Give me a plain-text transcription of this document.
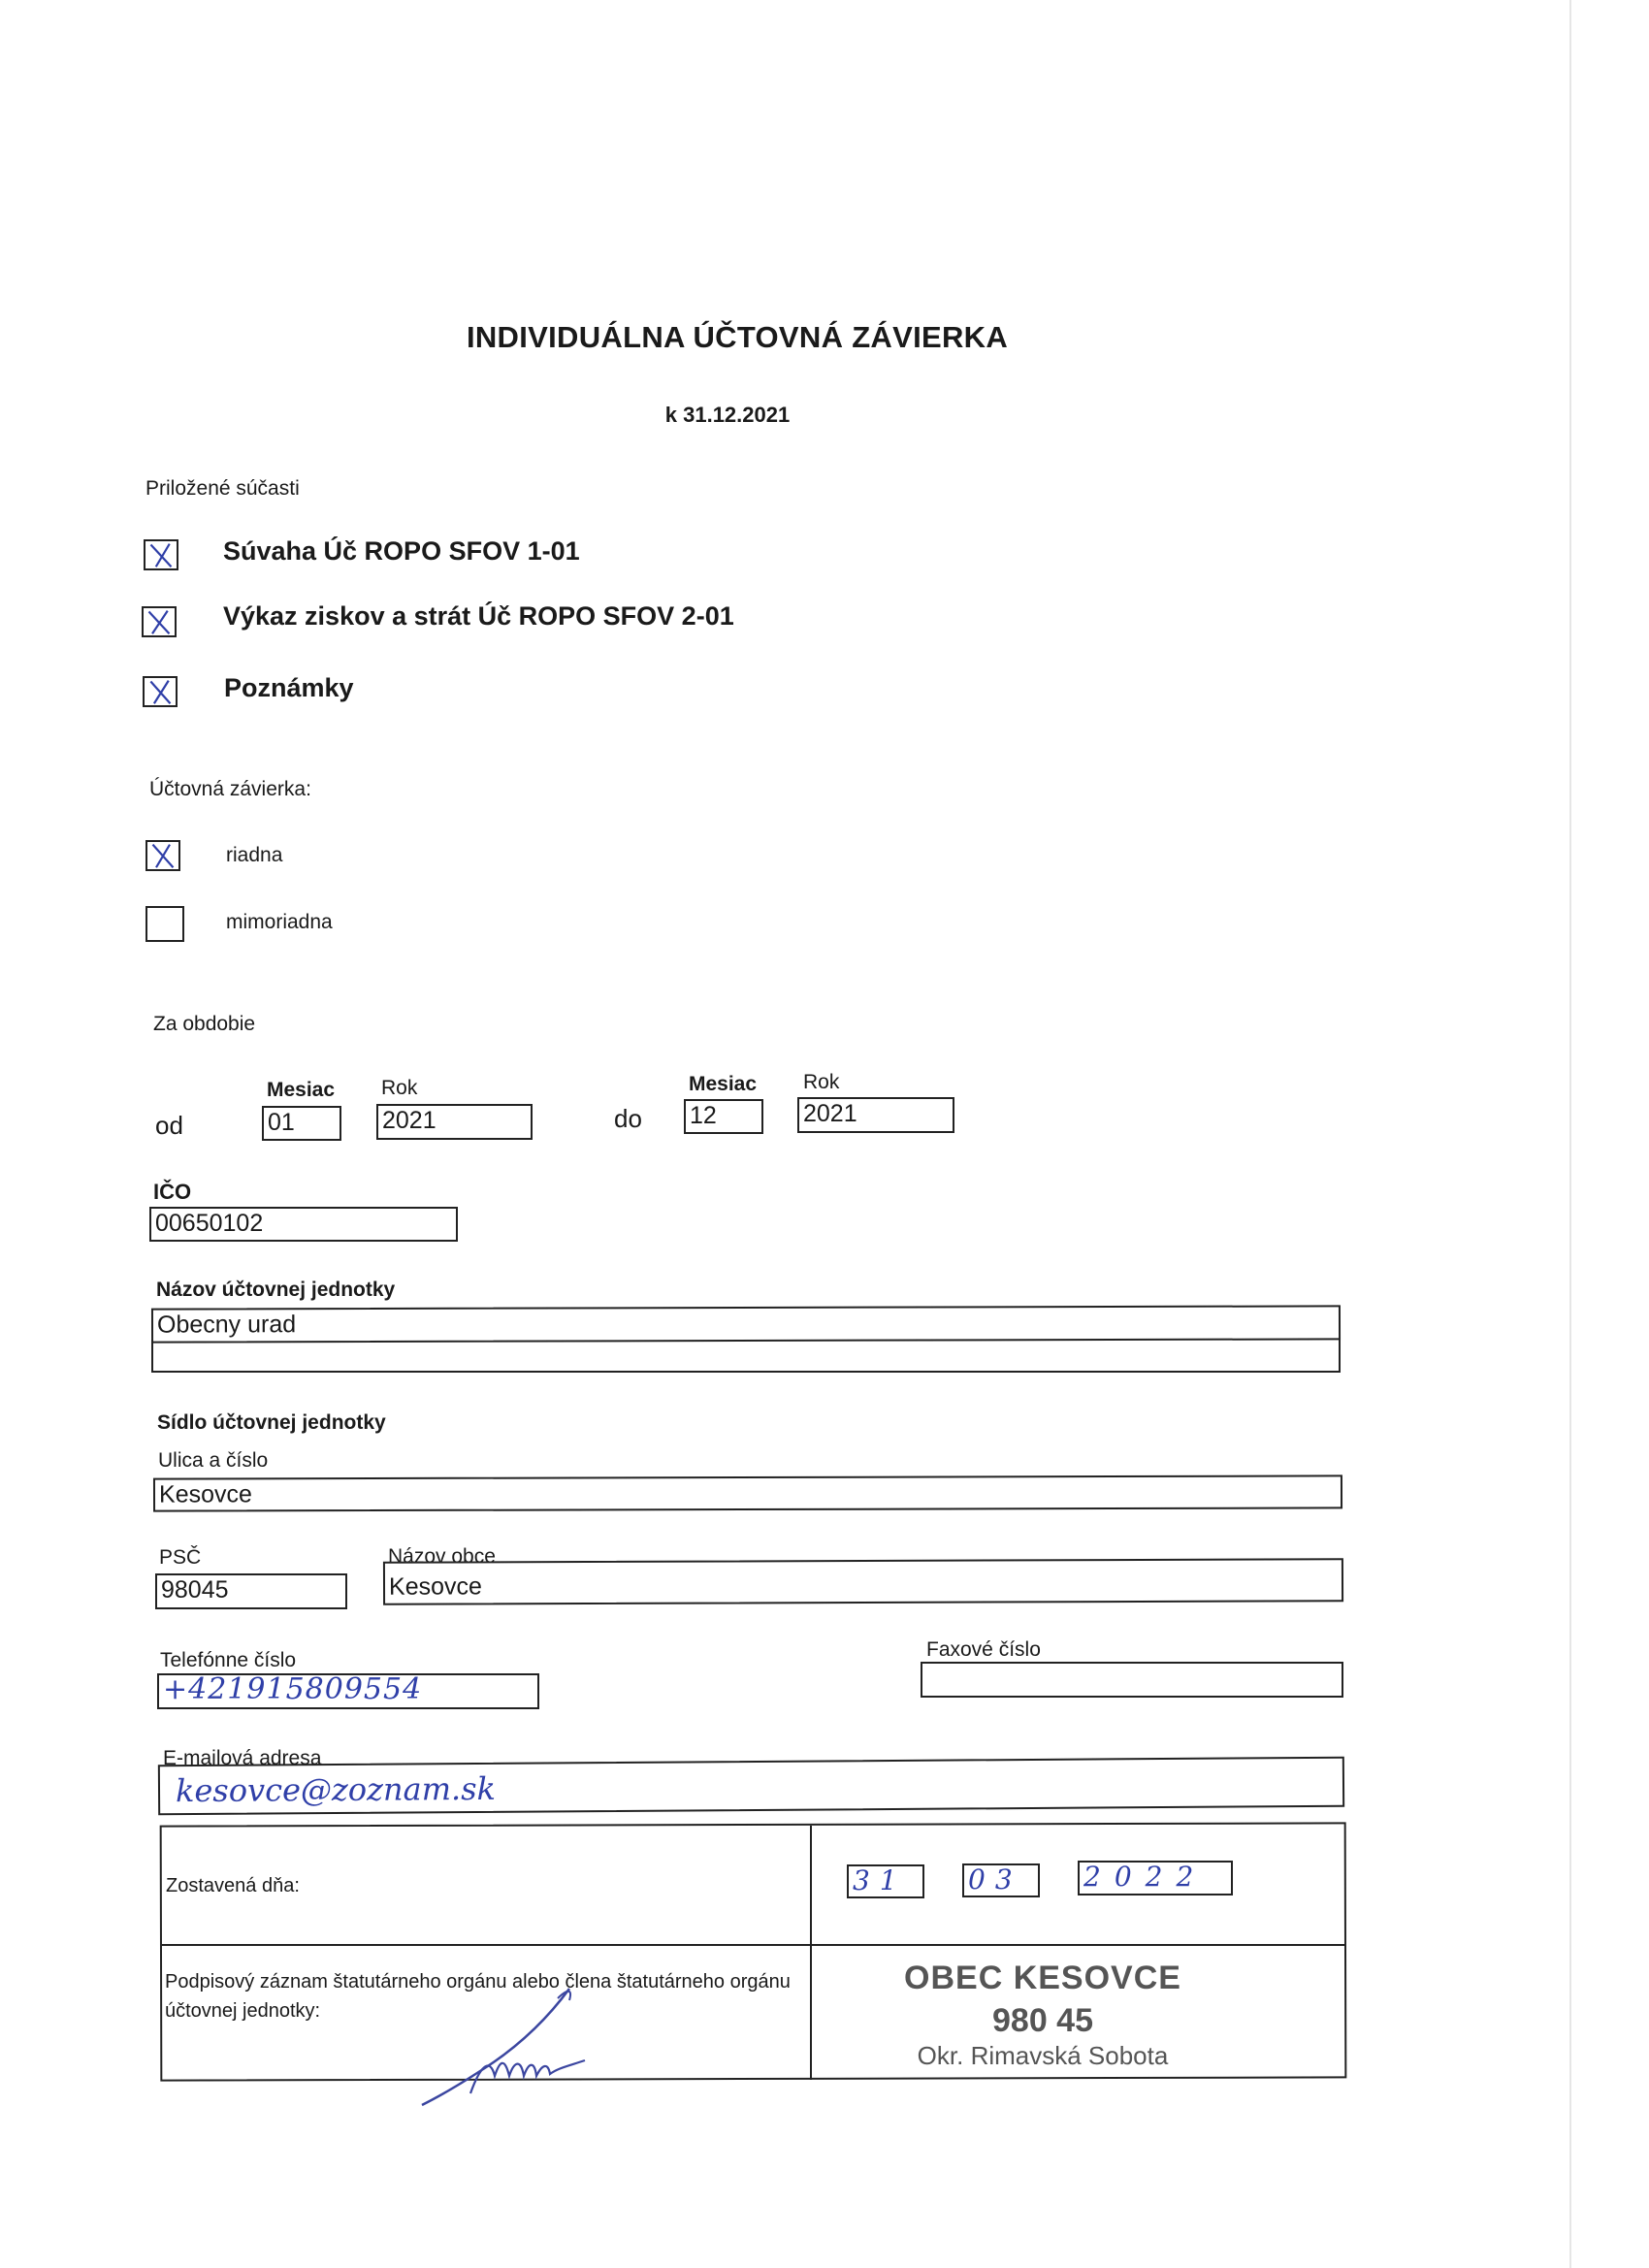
INDIVIDUÁLNA ÚČTOVNÁ ZÁVIERKA
k 31.12.2021
Priložené súčasti
Súvaha Úč ROPO SFOV 1-01
Výkaz ziskov a strát Úč ROPO SFOV 2-01
Poznámky
Účtovná závierka:
riadna
mimoriadna
Za obdobie
Mesiac Rok
od	01	2021
Mesiac Rok
do 12	2021
IČO
00650102
Názov účtovnej jednotky
Obecny urad
Sídlo účtovnej jednotky
Ulica a číslo
Kesovce
PSČ
98045
Názov obce
Kesovce
Telefónne číslo
+421915809554
Faxové číslo
E-mailová adresa
kesovce@zoznam.sk
Zostavená dňa:	31	03	2022
Podpisový záznam štatutárneho orgánu alebo člena štatutárneho orgánu účtovnej jednotky:
OBEC KESOVCE
980 45
Okr. Rimavská Sobota
